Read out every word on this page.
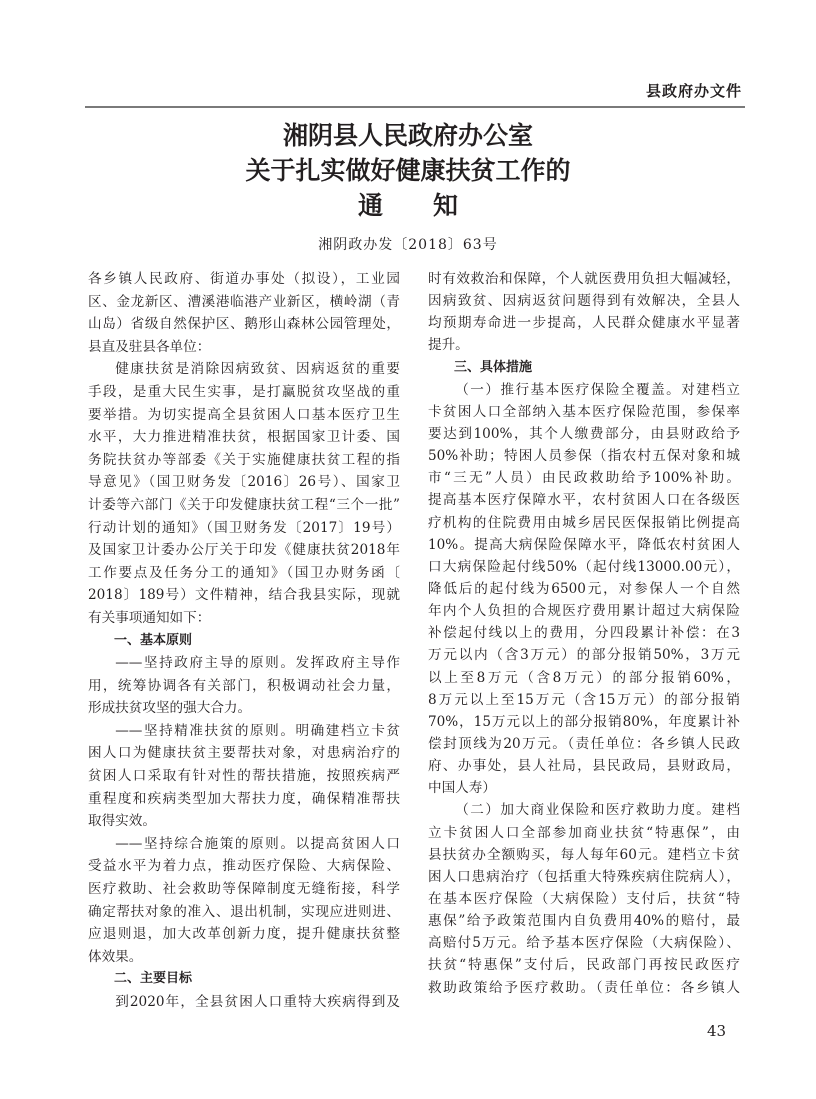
县政府办文件
湘阴县人民政府办公室
关于扎实做好健康扶贫工作的
通　　知
湘阴政办发〔2018〕63号
各乡镇人民政府、街道办事处（拟设），工业园
区、金龙新区、漕溪港临港产业新区，横岭湖（青
山岛）省级自然保护区、鹅形山森林公园管理处，
县直及驻县各单位：
健康扶贫是消除因病致贫、因病返贫的重要
手段，是重大民生实事，是打赢脱贫攻坚战的重
要举措。为切实提高全县贫困人口基本医疗卫生
水平，大力推进精准扶贫，根据国家卫计委、国
务院扶贫办等部委《关于实施健康扶贫工程的指
导意见》（国卫财务发〔2016〕26号）、国家卫
计委等六部门《关于印发健康扶贫工程“三个一批”
行动计划的通知》（国卫财务发〔2017〕19号）
及国家卫计委办公厅关于印发《健康扶贫2018年
工作要点及任务分工的通知》（国卫办财务函〔
2018〕189号）文件精神，结合我县实际，现就
有关事项通知如下：
一、基本原则
——坚持政府主导的原则。发挥政府主导作
用，统筹协调各有关部门，积极调动社会力量，
形成扶贫攻坚的强大合力。
——坚持精准扶贫的原则。明确建档立卡贫
困人口为健康扶贫主要帮扶对象，对患病治疗的
贫困人口采取有针对性的帮扶措施，按照疾病严
重程度和疾病类型加大帮扶力度，确保精准帮扶
取得实效。
——坚持综合施策的原则。以提高贫困人口
受益水平为着力点，推动医疗保险、大病保险、
医疗救助、社会救助等保障制度无缝衔接，科学
确定帮扶对象的准入、退出机制，实现应进则进、
应退则退，加大改革创新力度，提升健康扶贫整
体效果。
二、主要目标
到2020年，全县贫困人口重特大疾病得到及
时有效救治和保障，个人就医费用负担大幅减轻，
因病致贫、因病返贫问题得到有效解决，全县人
均预期寿命进一步提高，人民群众健康水平显著
提升。
三、具体措施
（一）推行基本医疗保险全覆盖。对建档立
卡贫困人口全部纳入基本医疗保险范围，参保率
要达到100%，其个人缴费部分，由县财政给予
50%补助；特困人员参保（指农村五保对象和城
市“三无”人员）由民政救助给予100%补助。
提高基本医疗保障水平，农村贫困人口在各级医
疗机构的住院费用由城乡居民医保报销比例提高
10%。提高大病保险保障水平，降低农村贫困人
口大病保险起付线50%（起付线13000.00元），
降低后的起付线为6500元，对参保人一个自然
年内个人负担的合规医疗费用累计超过大病保险
补偿起付线以上的费用，分四段累计补偿：在3
万元以内（含3万元）的部分报销50%，3万元
以上至8万元（含8万元）的部分报销60%，
8万元以上至15万元（含15万元）的部分报销
70%，15万元以上的部分报销80%，年度累计补
偿封顶线为20万元。（责任单位：各乡镇人民政
府、办事处，县人社局，县民政局，县财政局，
中国人寿）
（二）加大商业保险和医疗救助力度。建档
立卡贫困人口全部参加商业扶贫“特惠保”，由
县扶贫办全额购买，每人每年60元。建档立卡贫
困人口患病治疗（包括重大特殊疾病住院病人），
在基本医疗保险（大病保险）支付后，扶贫“特
惠保”给予政策范围内自负费用40%的赔付，最
高赔付5万元。给予基本医疗保险（大病保险）、
扶贫“特惠保”支付后，民政部门再按民政医疗
救助政策给予医疗救助。（责任单位：各乡镇人
43
